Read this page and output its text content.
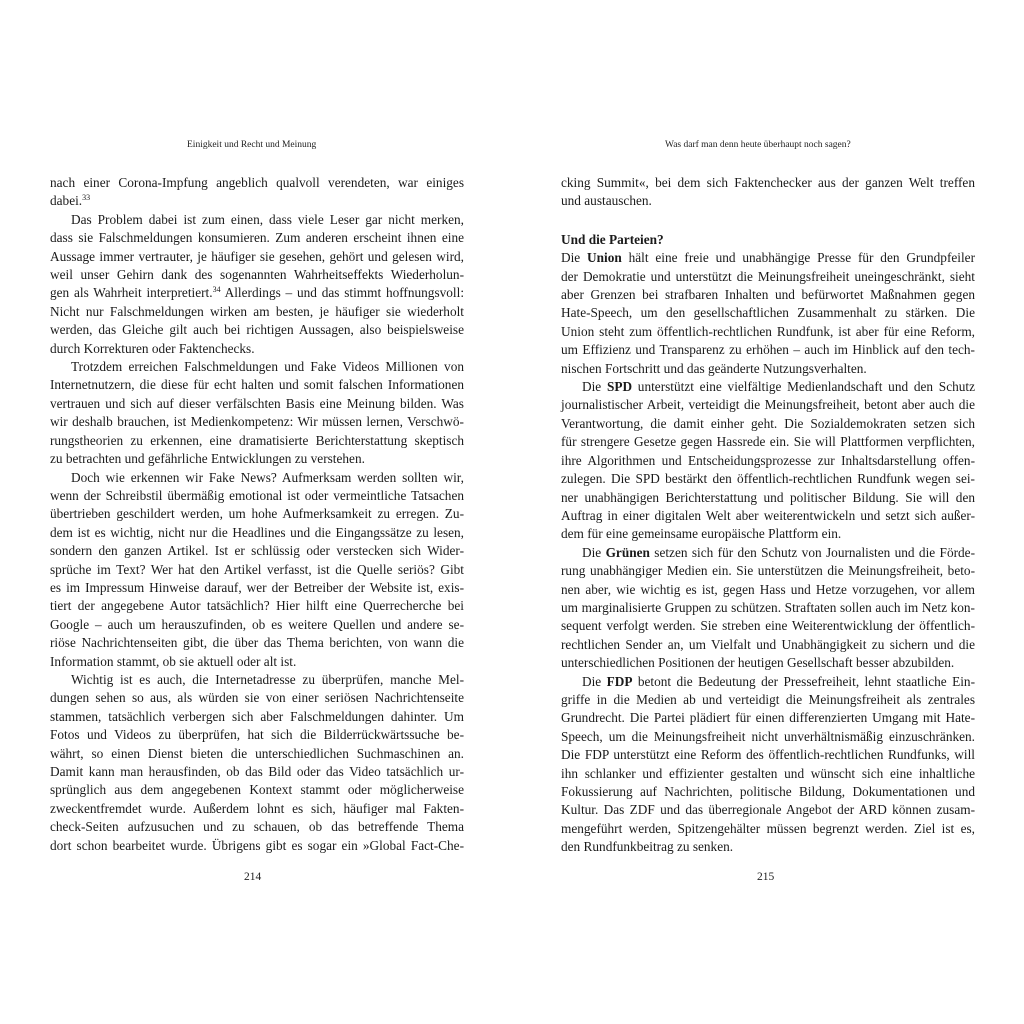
Einigkeit und Recht und Meinung
nach einer Corona-Impfung angeblich qualvoll verendeten, war einiges
dabei.$^{33}$
Das Problem dabei ist zum einen, dass viele Leser gar nicht merken,
dass sie Falschmeldungen konsumieren. Zum anderen erscheint ihnen eine
Aussage immer vertrauter, je häufiger sie gesehen, gehört und gelesen wird,
weil unser Gehirn dank des sogenannten Wahrheitseffekts Wiederholun-
gen als Wahrheit interpretiert.$^{34}$ Allerdings – und das stimmt hoffnungsvoll:
Nicht nur Falschmeldungen wirken am besten, je häufiger sie wiederholt
werden, das Gleiche gilt auch bei richtigen Aussagen, also beispielsweise
durch Korrekturen oder Faktenchecks.
Trotzdem erreichen Falschmeldungen und Fake Videos Millionen von
Internetnutzern, die diese für echt halten und somit falschen Informationen
vertrauen und sich auf dieser verfälschten Basis eine Meinung bilden. Was
wir deshalb brauchen, ist Medienkompetenz: Wir müssen lernen, Verschwö-
rungstheorien zu erkennen, eine dramatisierte Berichterstattung skeptisch
zu betrachten und gefährliche Entwicklungen zu verstehen.
Doch wie erkennen wir Fake News? Aufmerksam werden sollten wir,
wenn der Schreibstil übermäßig emotional ist oder vermeintliche Tatsachen
übertrieben geschildert werden, um hohe Aufmerksamkeit zu erregen. Zu-
dem ist es wichtig, nicht nur die Headlines und die Eingangssätze zu lesen,
sondern den ganzen Artikel. Ist er schlüssig oder verstecken sich Wider-
sprüche im Text? Wer hat den Artikel verfasst, ist die Quelle seriös? Gibt
es im Impressum Hinweise darauf, wer der Betreiber der Website ist, exis-
tiert der angegebene Autor tatsächlich? Hier hilft eine Querrecherche bei
Google – auch um herauszufinden, ob es weitere Quellen und andere se-
riöse Nachrichtenseiten gibt, die über das Thema berichten, von wann die
Information stammt, ob sie aktuell oder alt ist.
Wichtig ist es auch, die Internetadresse zu überprüfen, manche Mel-
dungen sehen so aus, als würden sie von einer seriösen Nachrichtenseite
stammen, tatsächlich verbergen sich aber Falschmeldungen dahinter. Um
Fotos und Videos zu überprüfen, hat sich die Bilderrückwärtssuche be-
währt, so einen Dienst bieten die unterschiedlichen Suchmaschinen an.
Damit kann man herausfinden, ob das Bild oder das Video tatsächlich ur-
sprünglich aus dem angegebenen Kontext stammt oder möglicherweise
zweckentfremdet wurde. Außerdem lohnt es sich, häufiger mal Fakten-
check-Seiten aufzusuchen und zu schauen, ob das betreffende Thema
dort schon bearbeitet wurde. Übrigens gibt es sogar ein »Global Fact-Che-
214
Was darf man denn heute überhaupt noch sagen?
cking Summit«, bei dem sich Faktenchecker aus der ganzen Welt treffen
und austauschen.
Und die Parteien?
Die Union hält eine freie und unabhängige Presse für den Grundpfeiler
der Demokratie und unterstützt die Meinungsfreiheit uneingeschränkt, sieht
aber Grenzen bei strafbaren Inhalten und befürwortet Maßnahmen gegen
Hate-Speech, um den gesellschaftlichen Zusammenhalt zu stärken. Die
Union steht zum öffentlich-rechtlichen Rundfunk, ist aber für eine Reform,
um Effizienz und Transparenz zu erhöhen – auch im Hinblick auf den tech-
nischen Fortschritt und das geänderte Nutzungsverhalten.
Die SPD unterstützt eine vielfältige Medienlandschaft und den Schutz
journalistischer Arbeit, verteidigt die Meinungsfreiheit, betont aber auch die
Verantwortung, die damit einher geht. Die Sozialdemokraten setzen sich
für strengere Gesetze gegen Hassrede ein. Sie will Plattformen verpflichten,
ihre Algorithmen und Entscheidungsprozesse zur Inhaltsdarstellung offen-
zulegen. Die SPD bestärkt den öffentlich-rechtlichen Rundfunk wegen sei-
ner unabhängigen Berichterstattung und politischer Bildung. Sie will den
Auftrag in einer digitalen Welt aber weiterentwickeln und setzt sich außer-
dem für eine gemeinsame europäische Plattform ein.
Die Grünen setzen sich für den Schutz von Journalisten und die Förde-
rung unabhängiger Medien ein. Sie unterstützen die Meinungsfreiheit, beto-
nen aber, wie wichtig es ist, gegen Hass und Hetze vorzugehen, vor allem
um marginalisierte Gruppen zu schützen. Straftaten sollen auch im Netz kon-
sequent verfolgt werden. Sie streben eine Weiterentwicklung der öffentlich-
rechtlichen Sender an, um Vielfalt und Unabhängigkeit zu sichern und die
unterschiedlichen Positionen der heutigen Gesellschaft besser abzubilden.
Die FDP betont die Bedeutung der Pressefreiheit, lehnt staatliche Ein-
griffe in die Medien ab und verteidigt die Meinungsfreiheit als zentrales
Grundrecht. Die Partei plädiert für einen differenzierten Umgang mit Hate-
Speech, um die Meinungsfreiheit nicht unverhältnismäßig einzuschränken.
Die FDP unterstützt eine Reform des öffentlich-rechtlichen Rundfunks, will
ihn schlanker und effizienter gestalten und wünscht sich eine inhaltliche
Fokussierung auf Nachrichten, politische Bildung, Dokumentationen und
Kultur. Das ZDF und das überregionale Angebot der ARD können zusam-
mengeführt werden, Spitzengehälter müssen begrenzt werden. Ziel ist es,
den Rundfunkbeitrag zu senken.
215
